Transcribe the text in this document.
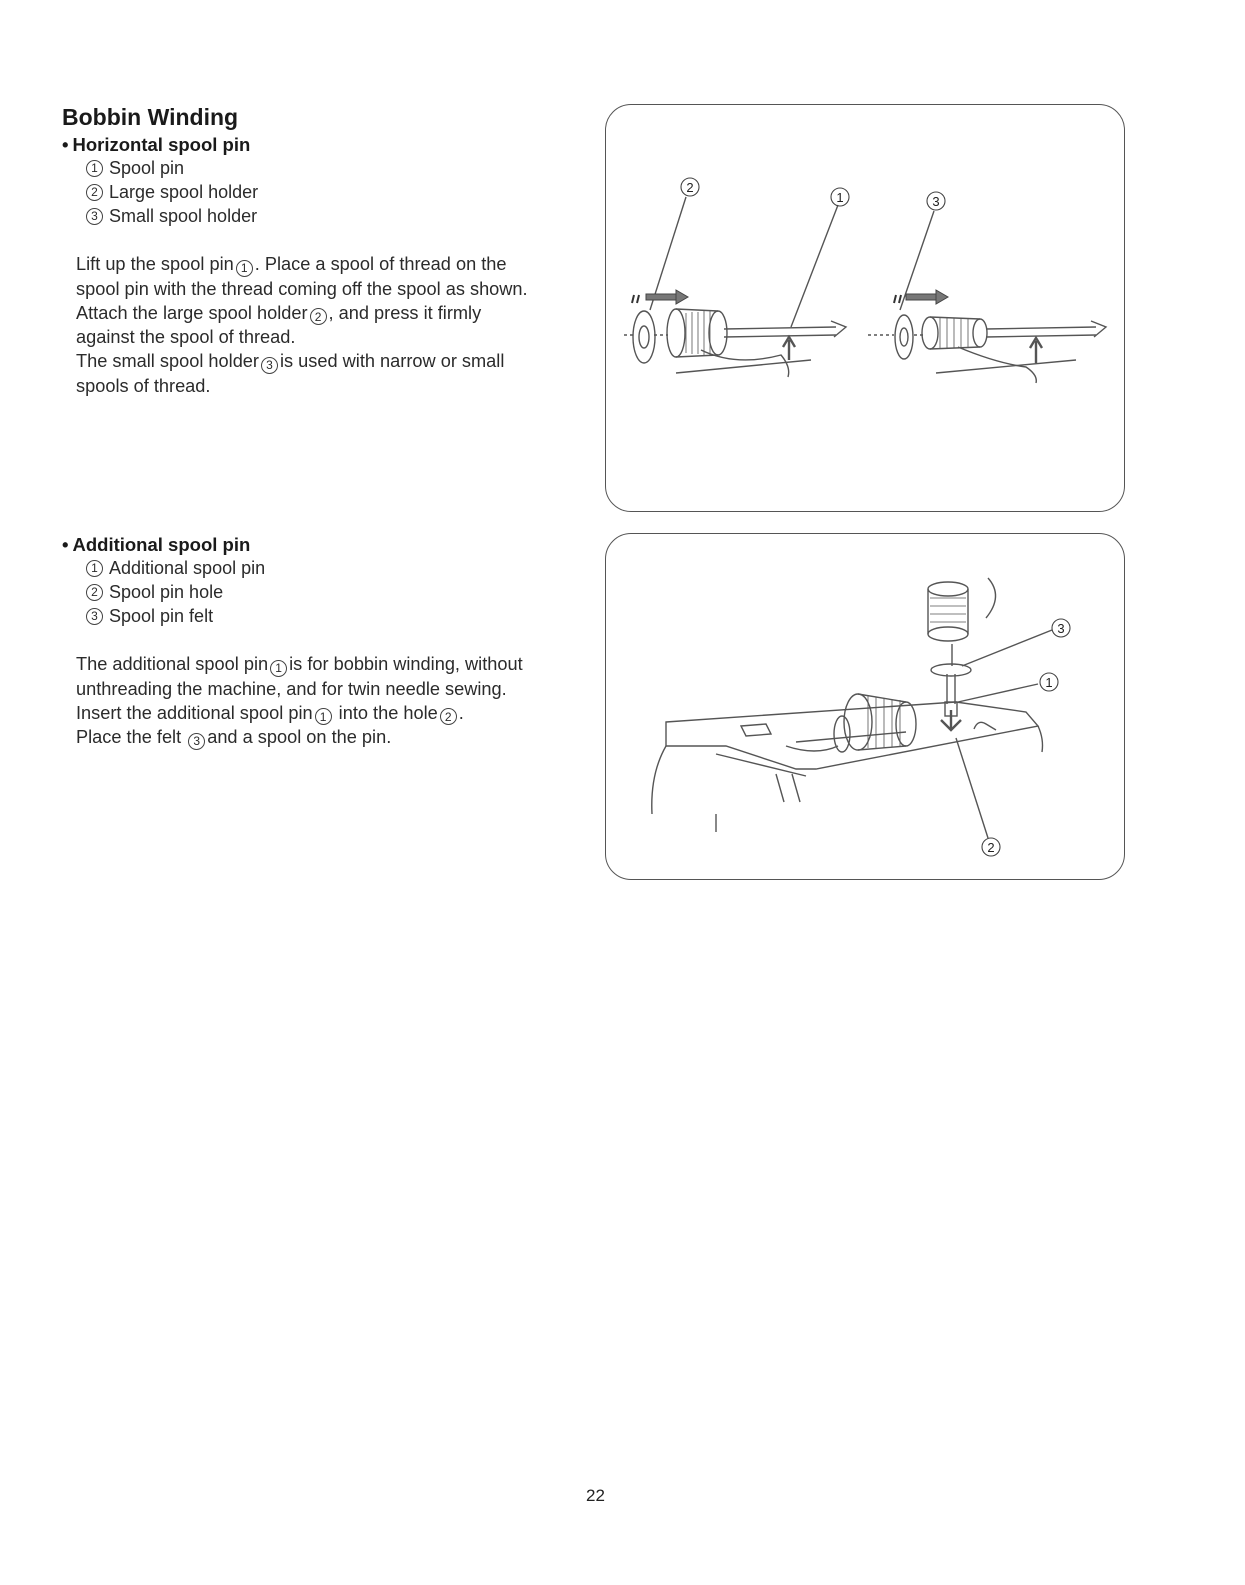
Bobbin Winding
• Horizontal spool pin
1 Spool pin
2 Large spool holder
3 Small spool holder
Lift up the spool pin 1 . Place a spool of thread on the
spool pin with the thread coming off the spool as shown.
Attach the large spool holder 2 , and press it firmly
against the spool of thread.
The small spool holder 3 is used with narrow or small
spools of thread.
2
1	3
• Additional spool pin
1 Additional spool pin
2 Spool pin hole
3 Spool pin felt
The additional spool pin 1 is for bobbin winding, without
unthreading the machine, and for twin needle sewing.
Insert the additional spool pin 1 into the hole 2 .
Place the felt 3 and a spool on the pin.
3
1
2
22
